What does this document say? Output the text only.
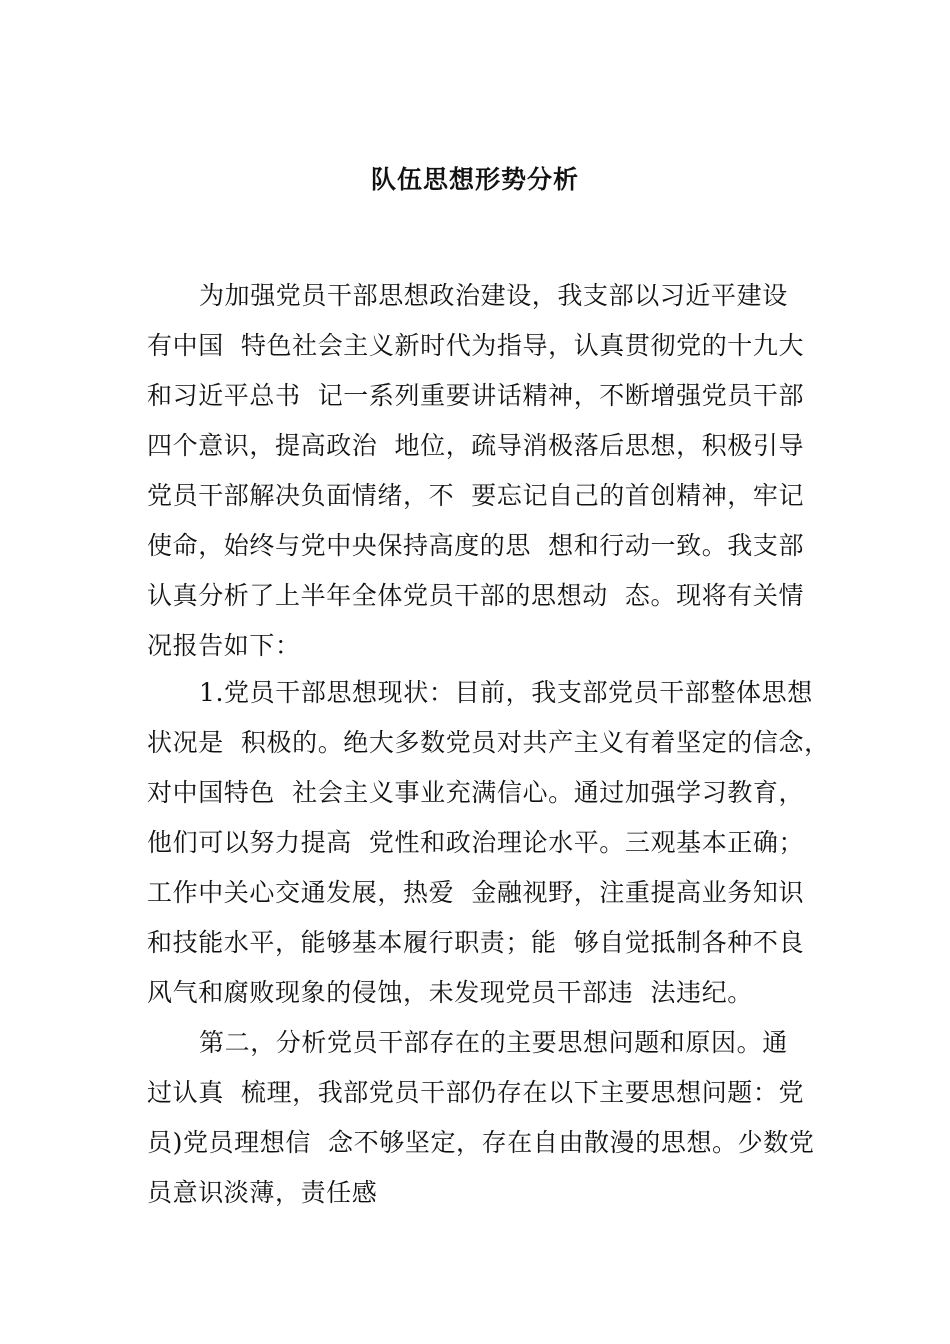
队伍思想形势分析
为加强党员干部思想政治建设，我支部以习近平建设
有中国  特色社会主义新时代为指导，认真贯彻党的十九大
和习近平总书  记一系列重要讲话精神，不断增强党员干部
四个意识，提高政治  地位，疏导消极落后思想，积极引导
党员干部解决负面情绪，不  要忘记自己的首创精神，牢记
使命，始终与党中央保持高度的思  想和行动一致。我支部
认真分析了上半年全体党员干部的思想动  态。现将有关情
况报告如下：
1.党员干部思想现状：目前，我支部党员干部整体思想
状况是  积极的。绝大多数党员对共产主义有着坚定的信念，
对中国特色  社会主义事业充满信心。通过加强学习教育，
他们可以努力提高  党性和政治理论水平。三观基本正确；
工作中关心交通发展，热爱  金融视野，注重提高业务知识
和技能水平，能够基本履行职责；能  够自觉抵制各种不良
风气和腐败现象的侵蚀，未发现党员干部违  法违纪。
第二，分析党员干部存在的主要思想问题和原因。通
过认真  梳理，我部党员干部仍存在以下主要思想问题：党
员)党员理想信  念不够坚定，存在自由散漫的思想。少数党
员意识淡薄，责任感
